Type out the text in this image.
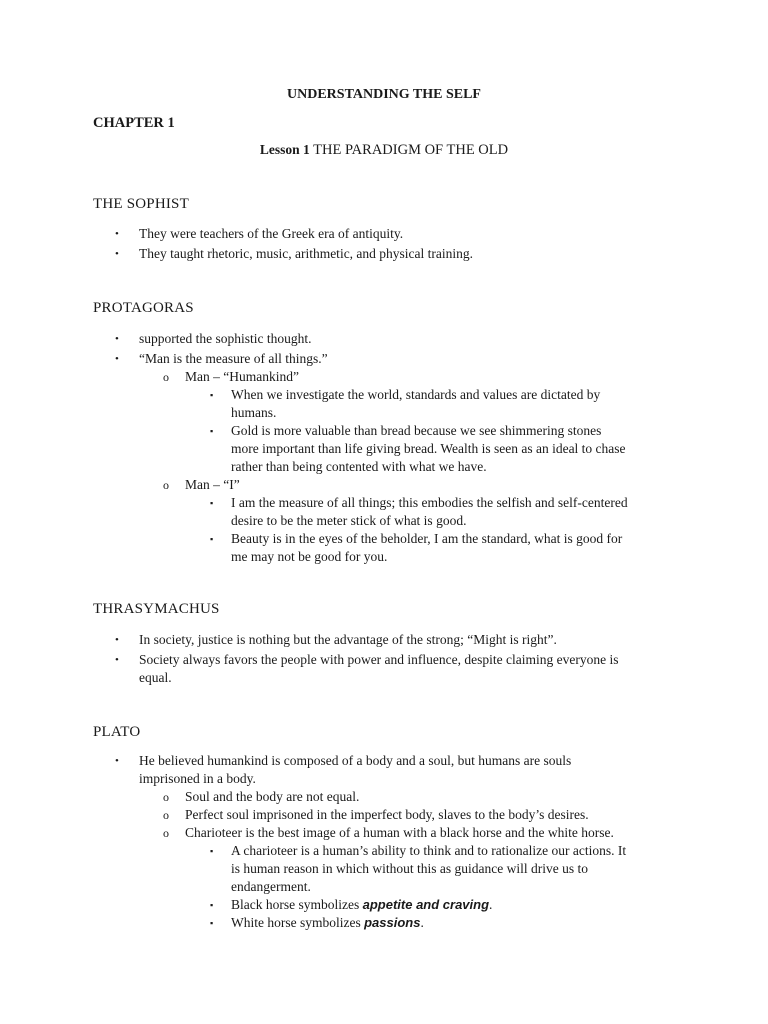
UNDERSTANDING THE SELF
CHAPTER 1
Lesson 1 THE PARADIGM OF THE OLD
THE SOPHIST
• They were teachers of the Greek era of antiquity.
• They taught rhetoric, music, arithmetic, and physical training.
PROTAGORAS
• supported the sophistic thought.
• “Man is the measure of all things.”
o Man – “Humankind”
▪ When we investigate the world, standards and values are dictated by
humans.
▪ Gold is more valuable than bread because we see shimmering stones
more important than life giving bread. Wealth is seen as an ideal to chase
rather than being contented with what we have.
o Man – “I”
▪ I am the measure of all things; this embodies the selfish and self-centered
desire to be the meter stick of what is good.
▪ Beauty is in the eyes of the beholder, I am the standard, what is good for
me may not be good for you.
THRASYMACHUS
• In society, justice is nothing but the advantage of the strong; “Might is right”.
• Society always favors the people with power and influence, despite claiming everyone is
equal.
PLATO
• He believed humankind is composed of a body and a soul, but humans are souls
imprisoned in a body.
o Soul and the body are not equal.
o Perfect soul imprisoned in the imperfect body, slaves to the body’s desires.
o Charioteer is the best image of a human with a black horse and the white horse.
▪ A charioteer is a human’s ability to think and to rationalize our actions. It
is human reason in which without this as guidance will drive us to
endangerment.
▪ Black horse symbolizes appetite and craving.
▪ White horse symbolizes passions.
